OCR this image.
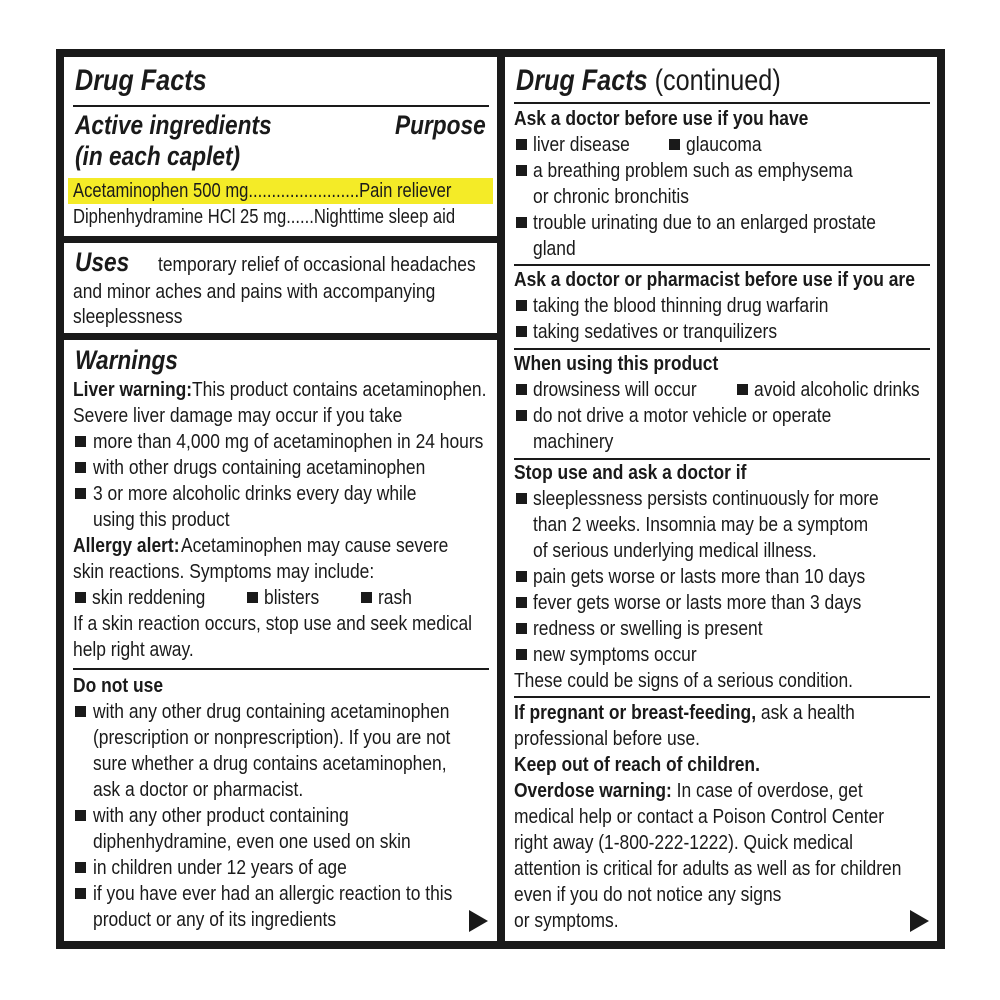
Drug Facts
Active ingredients	Purpose
(in each caplet)
Acetaminophen 500 mg........................Pain reliever
Diphenhydramine HCl 25 mg......Nighttime sleep aid
Uses temporary relief of occasional headaches
and minor aches and pains with accompanying
sleeplessness
Warnings
Liver warning: This product contains acetaminophen.
Severe liver damage may occur if you take
more than 4,000 mg of acetaminophen in 24 hours
with other drugs containing acetaminophen
3 or more alcoholic drinks every day while
using this product
Allergy alert: Acetaminophen may cause severe
skin reactions. Symptoms may include:
skin reddening	blisters	rash
If a skin reaction occurs, stop use and seek medical
help right away.
Do not use
with any other drug containing acetaminophen
(prescription or nonprescription). If you are not
sure whether a drug contains acetaminophen,
ask a doctor or pharmacist.
with any other product containing
diphenhydramine, even one used on skin
in children under 12 years of age
if you have ever had an allergic reaction to this
product or any of its ingredients
Drug Facts (continued)
Ask a doctor before use if you have
liver disease	glaucoma
a breathing problem such as emphysema
or chronic bronchitis
trouble urinating due to an enlarged prostate
gland
Ask a doctor or pharmacist before use if you are
taking the blood thinning drug warfarin
taking sedatives or tranquilizers
When using this product
drowsiness will occur	avoid alcoholic drinks
do not drive a motor vehicle or operate
machinery
Stop use and ask a doctor if
sleeplessness persists continuously for more
than 2 weeks. Insomnia may be a symptom
of serious underlying medical illness.
pain gets worse or lasts more than 10 days
fever gets worse or lasts more than 3 days
redness or swelling is present
new symptoms occur
These could be signs of a serious condition.
If pregnant or breast-feeding, ask a health
professional before use.
Keep out of reach of children.
Overdose warning: In case of overdose, get
medical help or contact a Poison Control Center
right away (1-800-222-1222). Quick medical
attention is critical for adults as well as for children
even if you do not notice any signs
or symptoms.
